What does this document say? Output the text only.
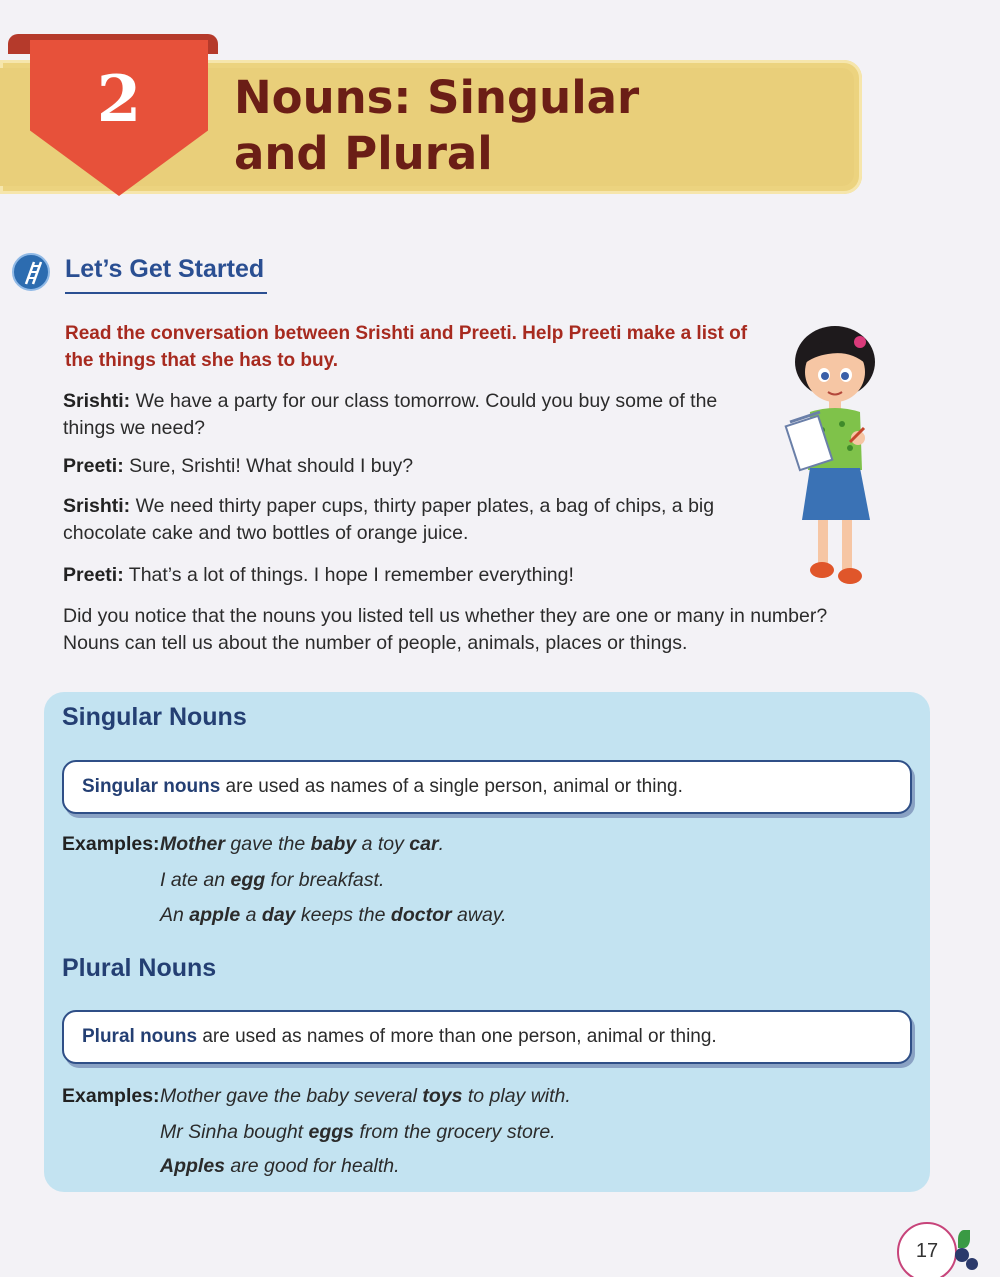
2	Nouns: Singular
and Plural
Let’s Get Started
Read the conversation between Srishti and Preeti. Help Preeti make a list of
the things that she has to buy.
Srishti: We have a party for our class tomorrow. Could you buy some of the
things we need?
Preeti: Sure, Srishti! What should I buy?
Srishti: We need thirty paper cups, thirty paper plates, a bag of chips, a big
chocolate cake and two bottles of orange juice.
Preeti: That’s a lot of things. I hope I remember everything!
Did you notice that the nouns you listed tell us whether they are one or many in number?
Nouns can tell us about the number of people, animals, places or things.
Singular Nouns
Singular nouns are used as names of a single person, animal or thing.
Examples: Mother gave the baby a toy car.
I ate an egg for breakfast.
An apple a day keeps the doctor away.
Plural Nouns
Plural nouns are used as names of more than one person, animal or thing.
Examples: Mother gave the baby several toys to play with.
Mr Sinha bought eggs from the grocery store.
Apples are good for health.
17
